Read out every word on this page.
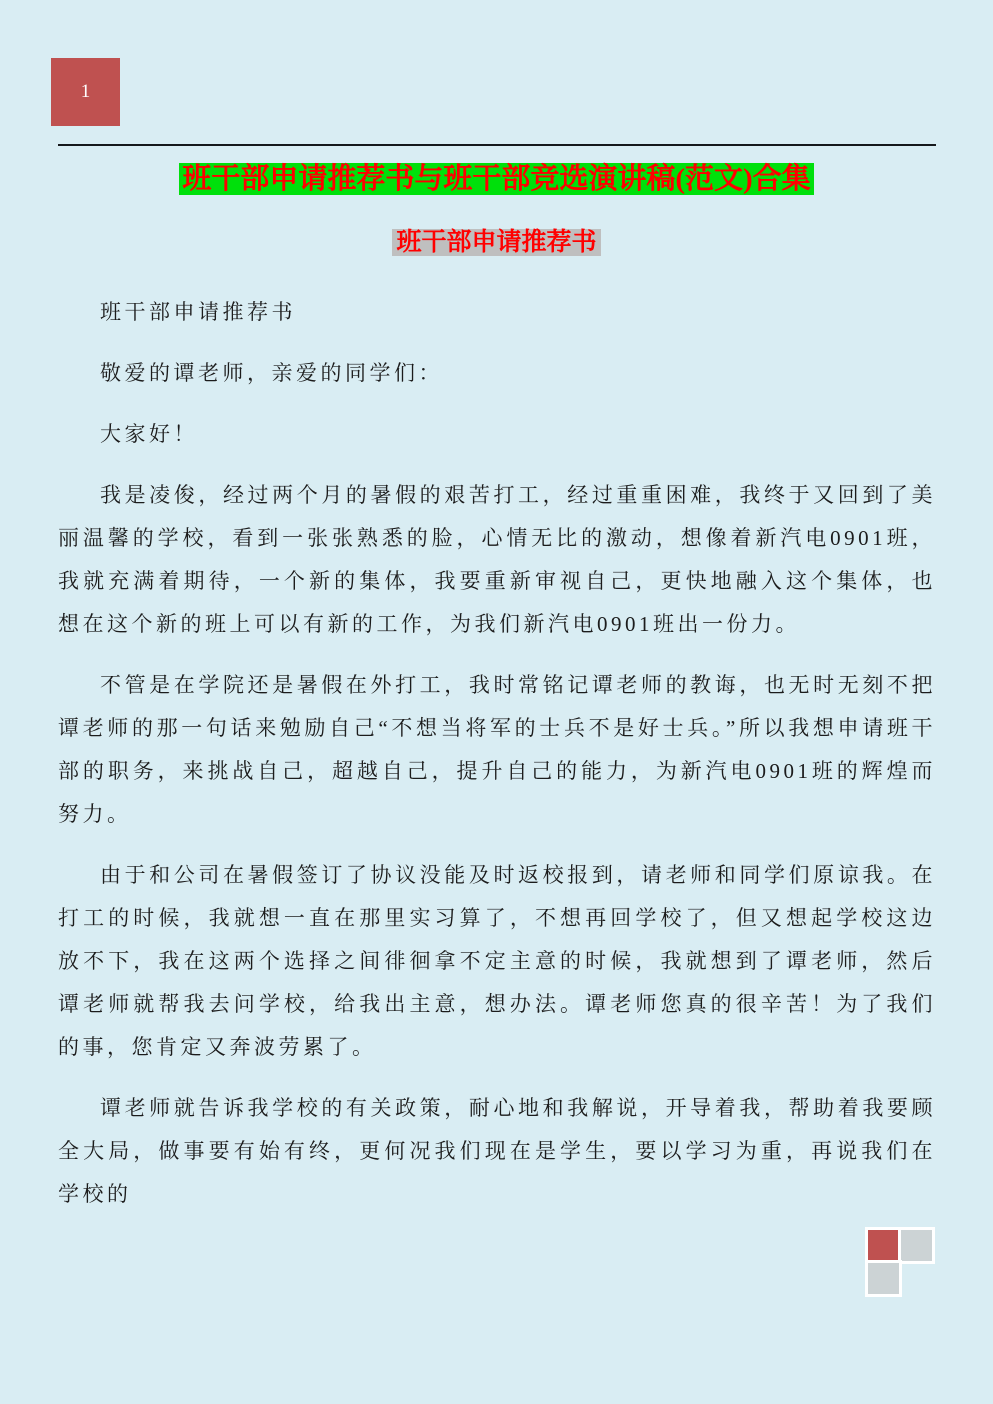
1
班干部申请推荐书与班干部竞选演讲稿(范文)合集
班干部申请推荐书

班干部申请推荐书

敬爱的谭老师，亲爱的同学们：

大家好！

我是凌俊，经过两个月的暑假的艰苦打工，经过重重困难，我终于又回到了美丽温馨的学校，看到一张张熟悉的脸，心情无比的激动，想像着新汽电0901班，我就充满着期待，一个新的集体，我要重新审视自己，更快地融入这个集体，也想在这个新的班上可以有新的工作，为我们新汽电0901班出一份力。

不管是在学院还是暑假在外打工，我时常铭记谭老师的教诲，也无时无刻不把谭老师的那一句话来勉励自己“不想当将军的士兵不是好士兵。”所以我想申请班干部的职务，来挑战自己，超越自己，提升自己的能力，为新汽电0901班的辉煌而努力。

由于和公司在暑假签订了协议没能及时返校报到，请老师和同学们原谅我。在打工的时候，我就想一直在那里实习算了，不想再回学校了，但又想起学校这边放不下，我在这两个选择之间徘徊拿不定主意的时候，我就想到了谭老师，然后谭老师就帮我去问学校，给我出主意，想办法。谭老师您真的很辛苦！为了我们的事，您肯定又奔波劳累了。

谭老师就告诉我学校的有关政策，耐心地和我解说，开导着我，帮助着我要顾全大局，做事要有始有终，更何况我们现在是学生，要以学习为重，再说我们在学校的
